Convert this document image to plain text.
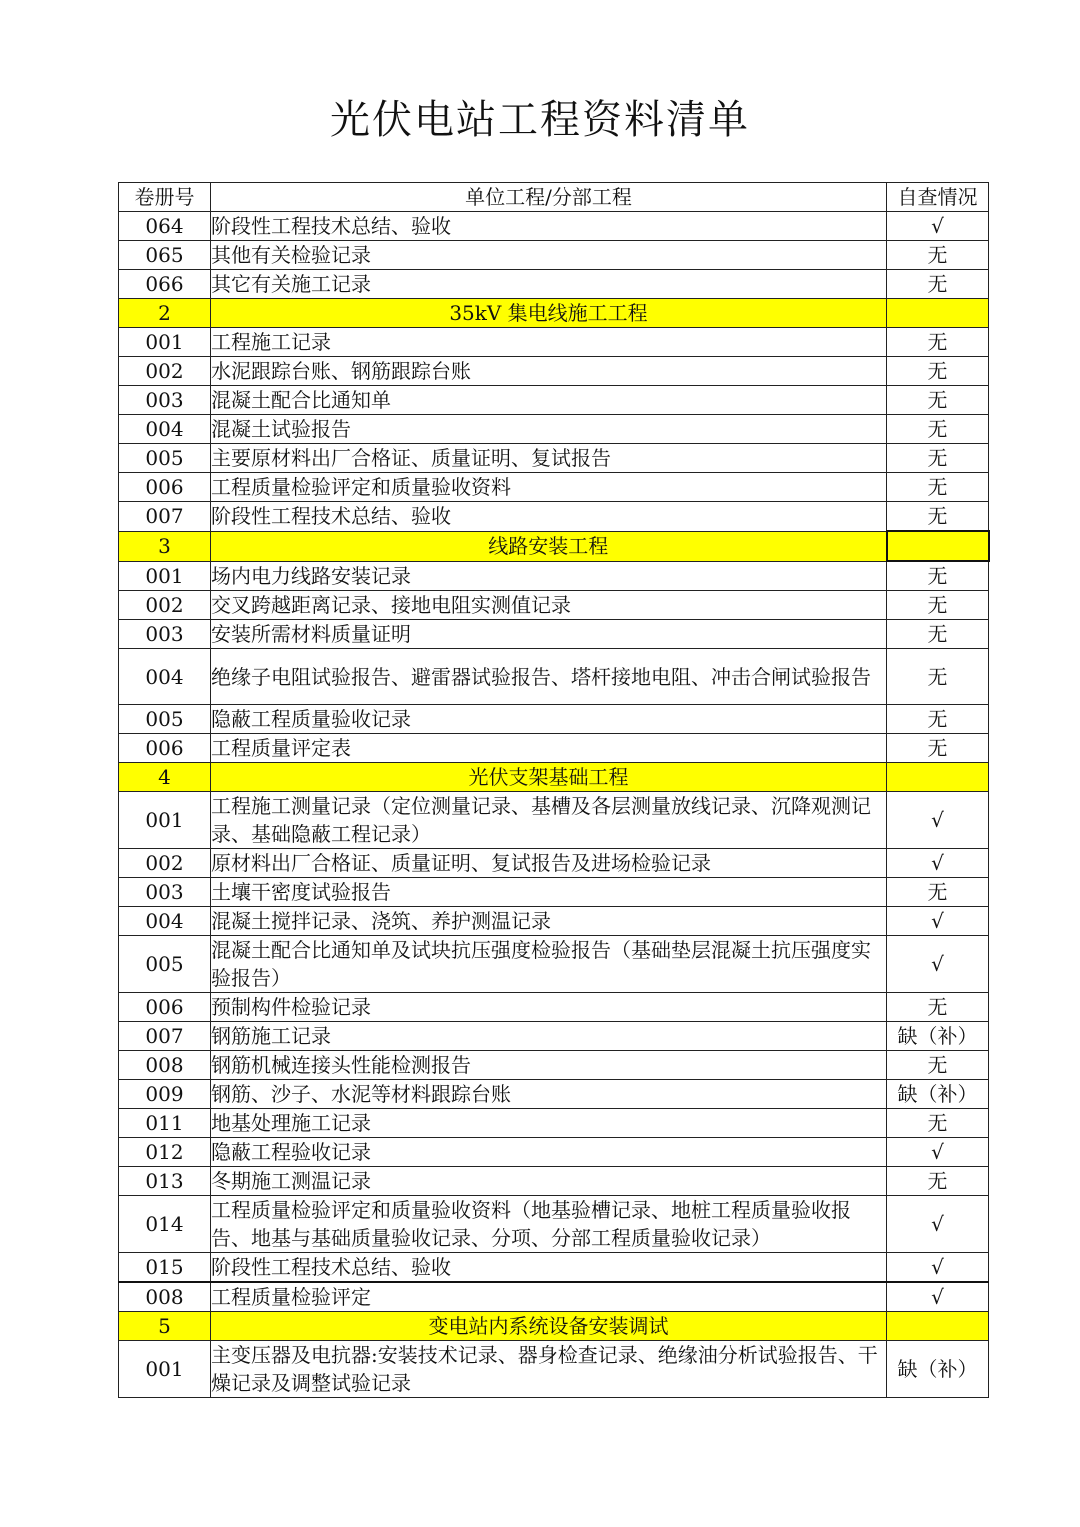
光伏电站工程资料清单
卷册号	单位工程/分部工程	自查情况
064	阶段性工程技术总结、验收	√
065	其他有关检验记录	无
066	其它有关施工记录	无
2	35kV 集电线施工工程	
001	工程施工记录	无
002	水泥跟踪台账、钢筋跟踪台账	无
003	混凝土配合比通知单	无
004	混凝土试验报告	无
005	主要原材料出厂合格证、质量证明、复试报告	无
006	工程质量检验评定和质量验收资料	无
007	阶段性工程技术总结、验收	无
3	线路安装工程	
001	场内电力线路安装记录	无
002	交叉跨越距离记录、接地电阻实测值记录	无
003	安装所需材料质量证明	无
004	绝缘子电阻试验报告、避雷器试验报告、塔杆接地电阻、冲击合闸试验报告	无
005	隐蔽工程质量验收记录	无
006	工程质量评定表	无
4	光伏支架基础工程	
001	工程施工测量记录（定位测量记录、基槽及各层测量放线记录、沉降观测记录、基础隐蔽工程记录）	√
002	原材料出厂合格证、质量证明、复试报告及进场检验记录	√
003	土壤干密度试验报告	无
004	混凝土搅拌记录、浇筑、养护测温记录	√
005	混凝土配合比通知单及试块抗压强度检验报告（基础垫层混凝土抗压强度实验报告）	√
006	预制构件检验记录	无
007	钢筋施工记录	缺（补）
008	钢筋机械连接头性能检测报告	无
009	钢筋、沙子、水泥等材料跟踪台账	缺（补）
011	地基处理施工记录	无
012	隐蔽工程验收记录	√
013	冬期施工测温记录	无
014	工程质量检验评定和质量验收资料（地基验槽记录、地桩工程质量验收报告、地基与基础质量验收记录、分项、分部工程质量验收记录）	√
015	阶段性工程技术总结、验收	√
008	工程质量检验评定	√
5	变电站内系统设备安装调试	
001	主变压器及电抗器:安装技术记录、器身检查记录、绝缘油分析试验报告、干燥记录及调整试验记录	缺（补）
